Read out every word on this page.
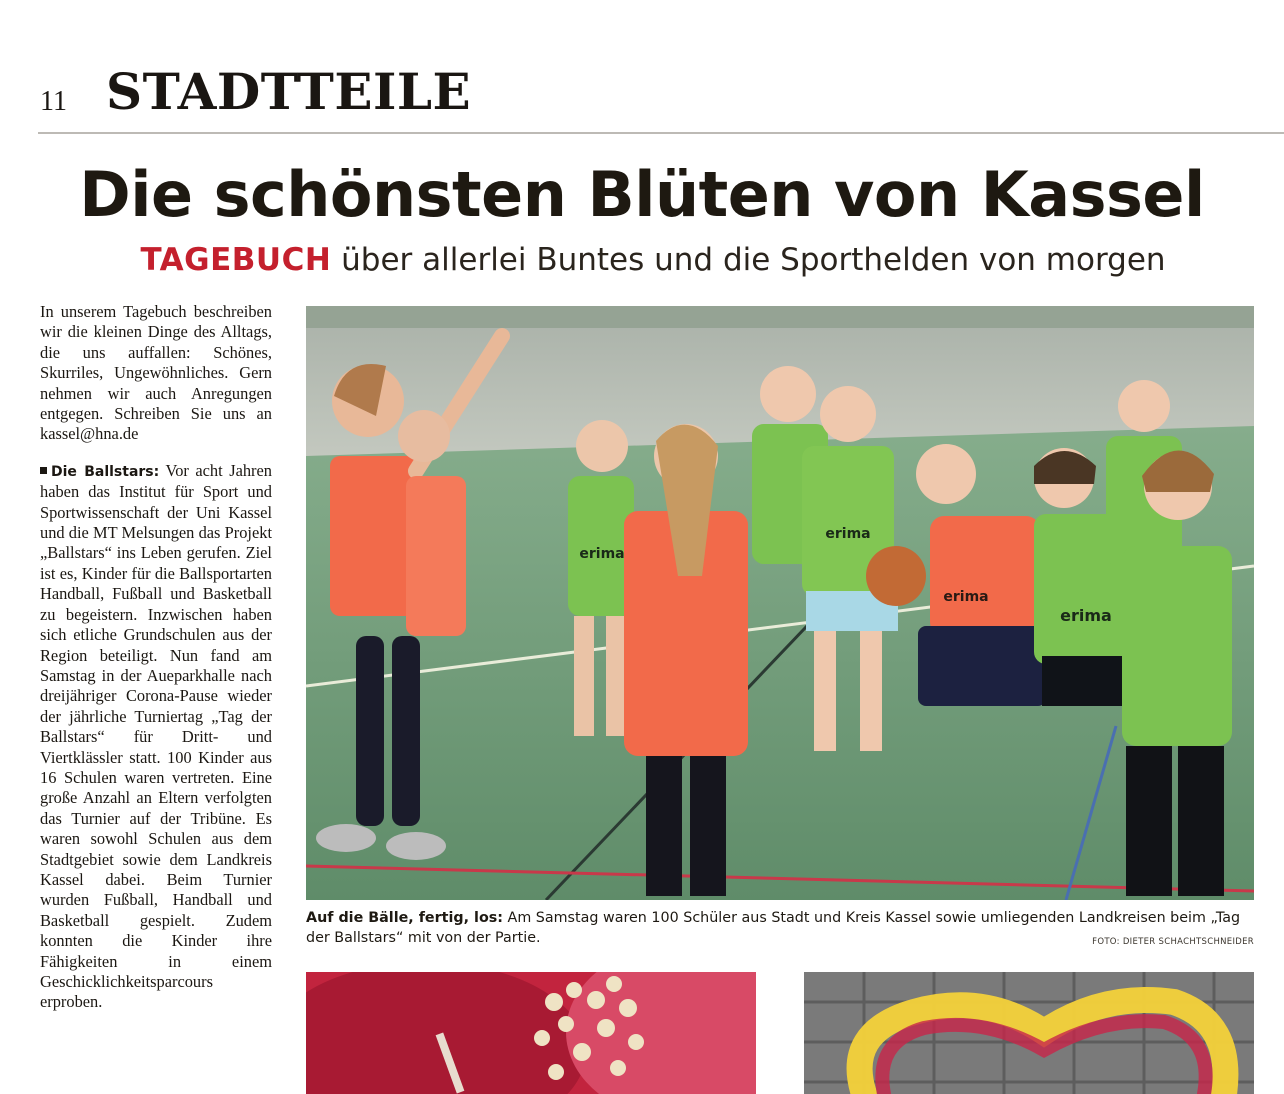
11 STADTTEILE
Die schönsten Blüten von Kassel
TAGEBUCH über allerlei Buntes und die Sporthelden von morgen

In unserem Tagebuch beschreiben wir die kleinen Dinge des Alltags, die uns auffallen: Schönes, Skurriles, Ungewöhnliches. Gern nehmen wir auch Anregungen entgegen. Schreiben Sie uns an kassel@hna.de

Die Ballstars: Vor acht Jahren haben das Institut für Sport und Sportwissenschaft der Uni Kassel und die MT Melsungen das Projekt „Ballstars“ ins Leben gerufen. Ziel ist es, Kinder für die Ballsportarten Handball, Fußball und Basketball zu begeistern. Inzwischen haben sich etliche Grundschulen aus der Region beteiligt. Nun fand am Samstag in der Aueparkhalle nach dreijähriger Corona-Pause wieder der jährliche Turniertag „Tag der Ballstars“ für Dritt- und Viertklässler statt. 100 Kinder aus 16 Schulen waren vertreten. Eine große Anzahl an Eltern verfolgten das Turnier auf der Tribüne. Es waren sowohl Schulen aus dem Stadtgebiet sowie dem Landkreis Kassel dabei. Beim Turnier wurden Fußball, Handball und Basketball gespielt. Zudem konnten die Kinder ihre Fähigkeiten in einem Geschicklichkeitsparcours erproben.

erima
erima
erima
erima
Auf die Bälle, fertig, los: Am Samstag waren 100 Schüler aus Stadt und Kreis Kassel sowie umliegenden Landkreisen beim „Tag der Ballstars“ mit von der Partie.	FOTO: DIETER SCHACHTSCHNEIDER
